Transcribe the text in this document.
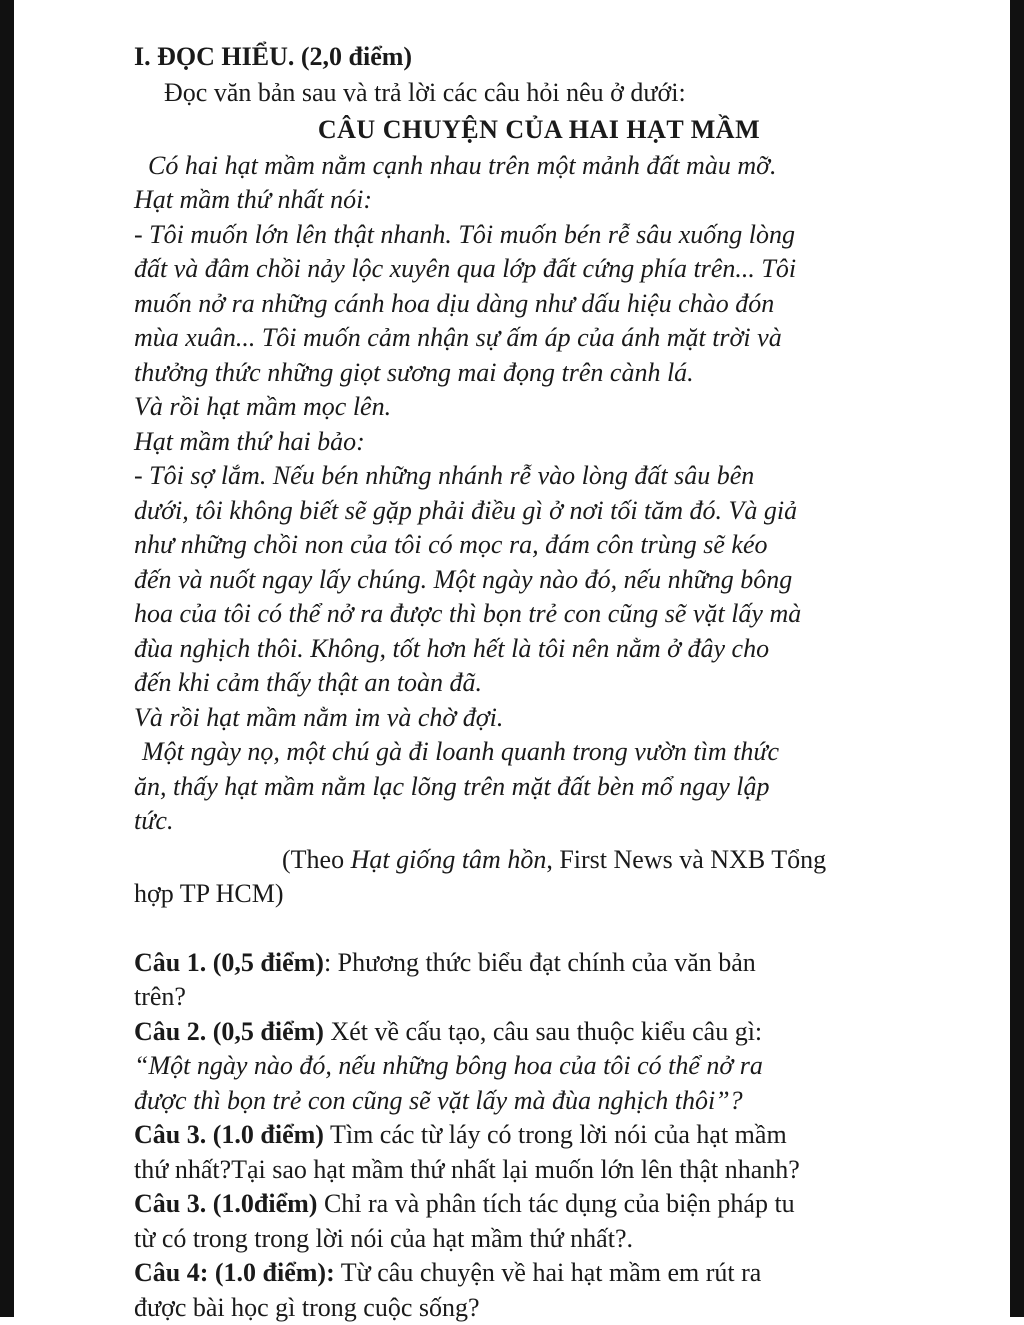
I. ĐỌC HIỂU. (2,0 điểm)
Đọc văn bản sau và trả lời các câu hỏi nêu ở dưới:
CÂU CHUYỆN CỦA HAI HẠT MẦM
Có hai hạt mầm nằm cạnh nhau trên một mảnh đất màu mỡ.
Hạt mầm thứ nhất nói:
- Tôi muốn lớn lên thật nhanh. Tôi muốn bén rễ sâu xuống lòng
đất và đâm chồi nảy lộc xuyên qua lớp đất cứng phía trên... Tôi
muốn nở ra những cánh hoa dịu dàng như dấu hiệu chào đón
mùa xuân... Tôi muốn cảm nhận sự ấm áp của ánh mặt trời và
thưởng thức những giọt sương mai đọng trên cành lá.
Và rồi hạt mầm mọc lên.
Hạt mầm thứ hai bảo:
- Tôi sợ lắm. Nếu bén những nhánh rễ vào lòng đất sâu bên
dưới, tôi không biết sẽ gặp phải điều gì ở nơi tối tăm đó. Và giả
như những chồi non của tôi có mọc ra, đám côn trùng sẽ kéo
đến và nuốt ngay lấy chúng. Một ngày nào đó, nếu những bông
hoa của tôi có thể nở ra được thì bọn trẻ con cũng sẽ vặt lấy mà
đùa nghịch thôi. Không, tốt hơn hết là tôi nên nằm ở đây cho
đến khi cảm thấy thật an toàn đã.
Và rồi hạt mầm nằm im và chờ đợi.
Một ngày nọ, một chú gà đi loanh quanh trong vườn tìm thức
ăn, thấy hạt mầm nằm lạc lõng trên mặt đất bèn mổ ngay lập
tức.
(Theo Hạt giống tâm hồn, First News và NXB Tổng
hợp TP HCM)
Câu 1. (0,5 điểm): Phương thức biểu đạt chính của văn bản
trên?
Câu 2. (0,5 điểm) Xét về cấu tạo, câu sau thuộc kiểu câu gì:
“Một ngày nào đó, nếu những bông hoa của tôi có thể nở ra
được thì bọn trẻ con cũng sẽ vặt lấy mà đùa nghịch thôi”?
Câu 3. (1.0 điểm) Tìm các từ láy có trong lời nói của hạt mầm
thứ nhất?Tại sao hạt mầm thứ nhất lại muốn lớn lên thật nhanh?
Câu 3. (1.0điểm) Chỉ ra và phân tích tác dụng của biện pháp tu
từ có trong trong lời nói của hạt mầm thứ nhất?.
Câu 4: (1.0 điểm): Từ câu chuyện về hai hạt mầm em rút ra
được bài học gì trong cuộc sống?
